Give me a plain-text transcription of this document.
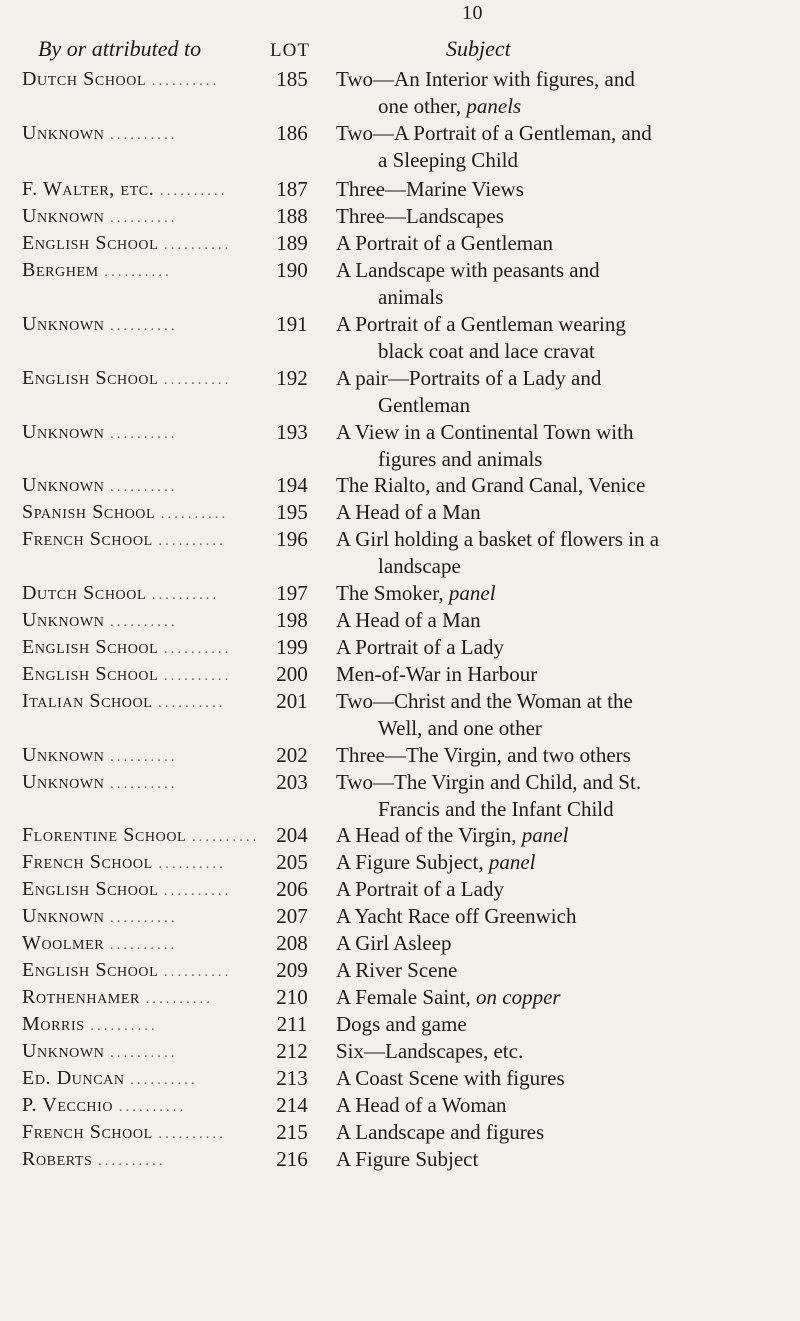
10
By or attributed to	LOT	Subject
Dutch School ..........	185	Two—An Interior with figures, and
one other, panels
Unknown ..........	186	Two—A Portrait of a Gentleman, and
a Sleeping Child
F. Walter, etc. ..........	187	Three—Marine Views
Unknown ..........	188	Three—Landscapes
English School ..........	189	A Portrait of a Gentleman
Berghem ..........	190	A Landscape with peasants and
animals
Unknown ..........	191	A Portrait of a Gentleman wearing
black coat and lace cravat
English School ..........	192	A pair—Portraits of a Lady and
Gentleman
Unknown ..........	193	A View in a Continental Town with
figures and animals
Unknown ..........	194	The Rialto, and Grand Canal, Venice
Spanish School ..........	195	A Head of a Man
French School ..........	196	A Girl holding a basket of flowers in a
landscape
Dutch School ..........	197	The Smoker, panel
Unknown ..........	198	A Head of a Man
English School ..........	199	A Portrait of a Lady
English School ..........	200	Men-of-War in Harbour
Italian School ..........	201	Two—Christ and the Woman at the
Well, and one other
Unknown ..........	202	Three—The Virgin, and two others
Unknown ..........	203	Two—The Virgin and Child, and St.
Francis and the Infant Child
Florentine School .......... 204	A Head of the Virgin, panel
French School ..........	205	A Figure Subject, panel
English School ..........	206	A Portrait of a Lady
Unknown ..........	207	A Yacht Race off Greenwich
Woolmer ..........	208	A Girl Asleep
English School ..........	209	A River Scene
Rothenhamer ..........	210	A Female Saint, on copper
Morris ..........	211	Dogs and game
Unknown ..........	212	Six—Landscapes, etc.
Ed. Duncan ..........	213	A Coast Scene with figures
P. Vecchio ..........	214	A Head of a Woman
French School ..........	215	A Landscape and figures
Roberts ..........	216	A Figure Subject
